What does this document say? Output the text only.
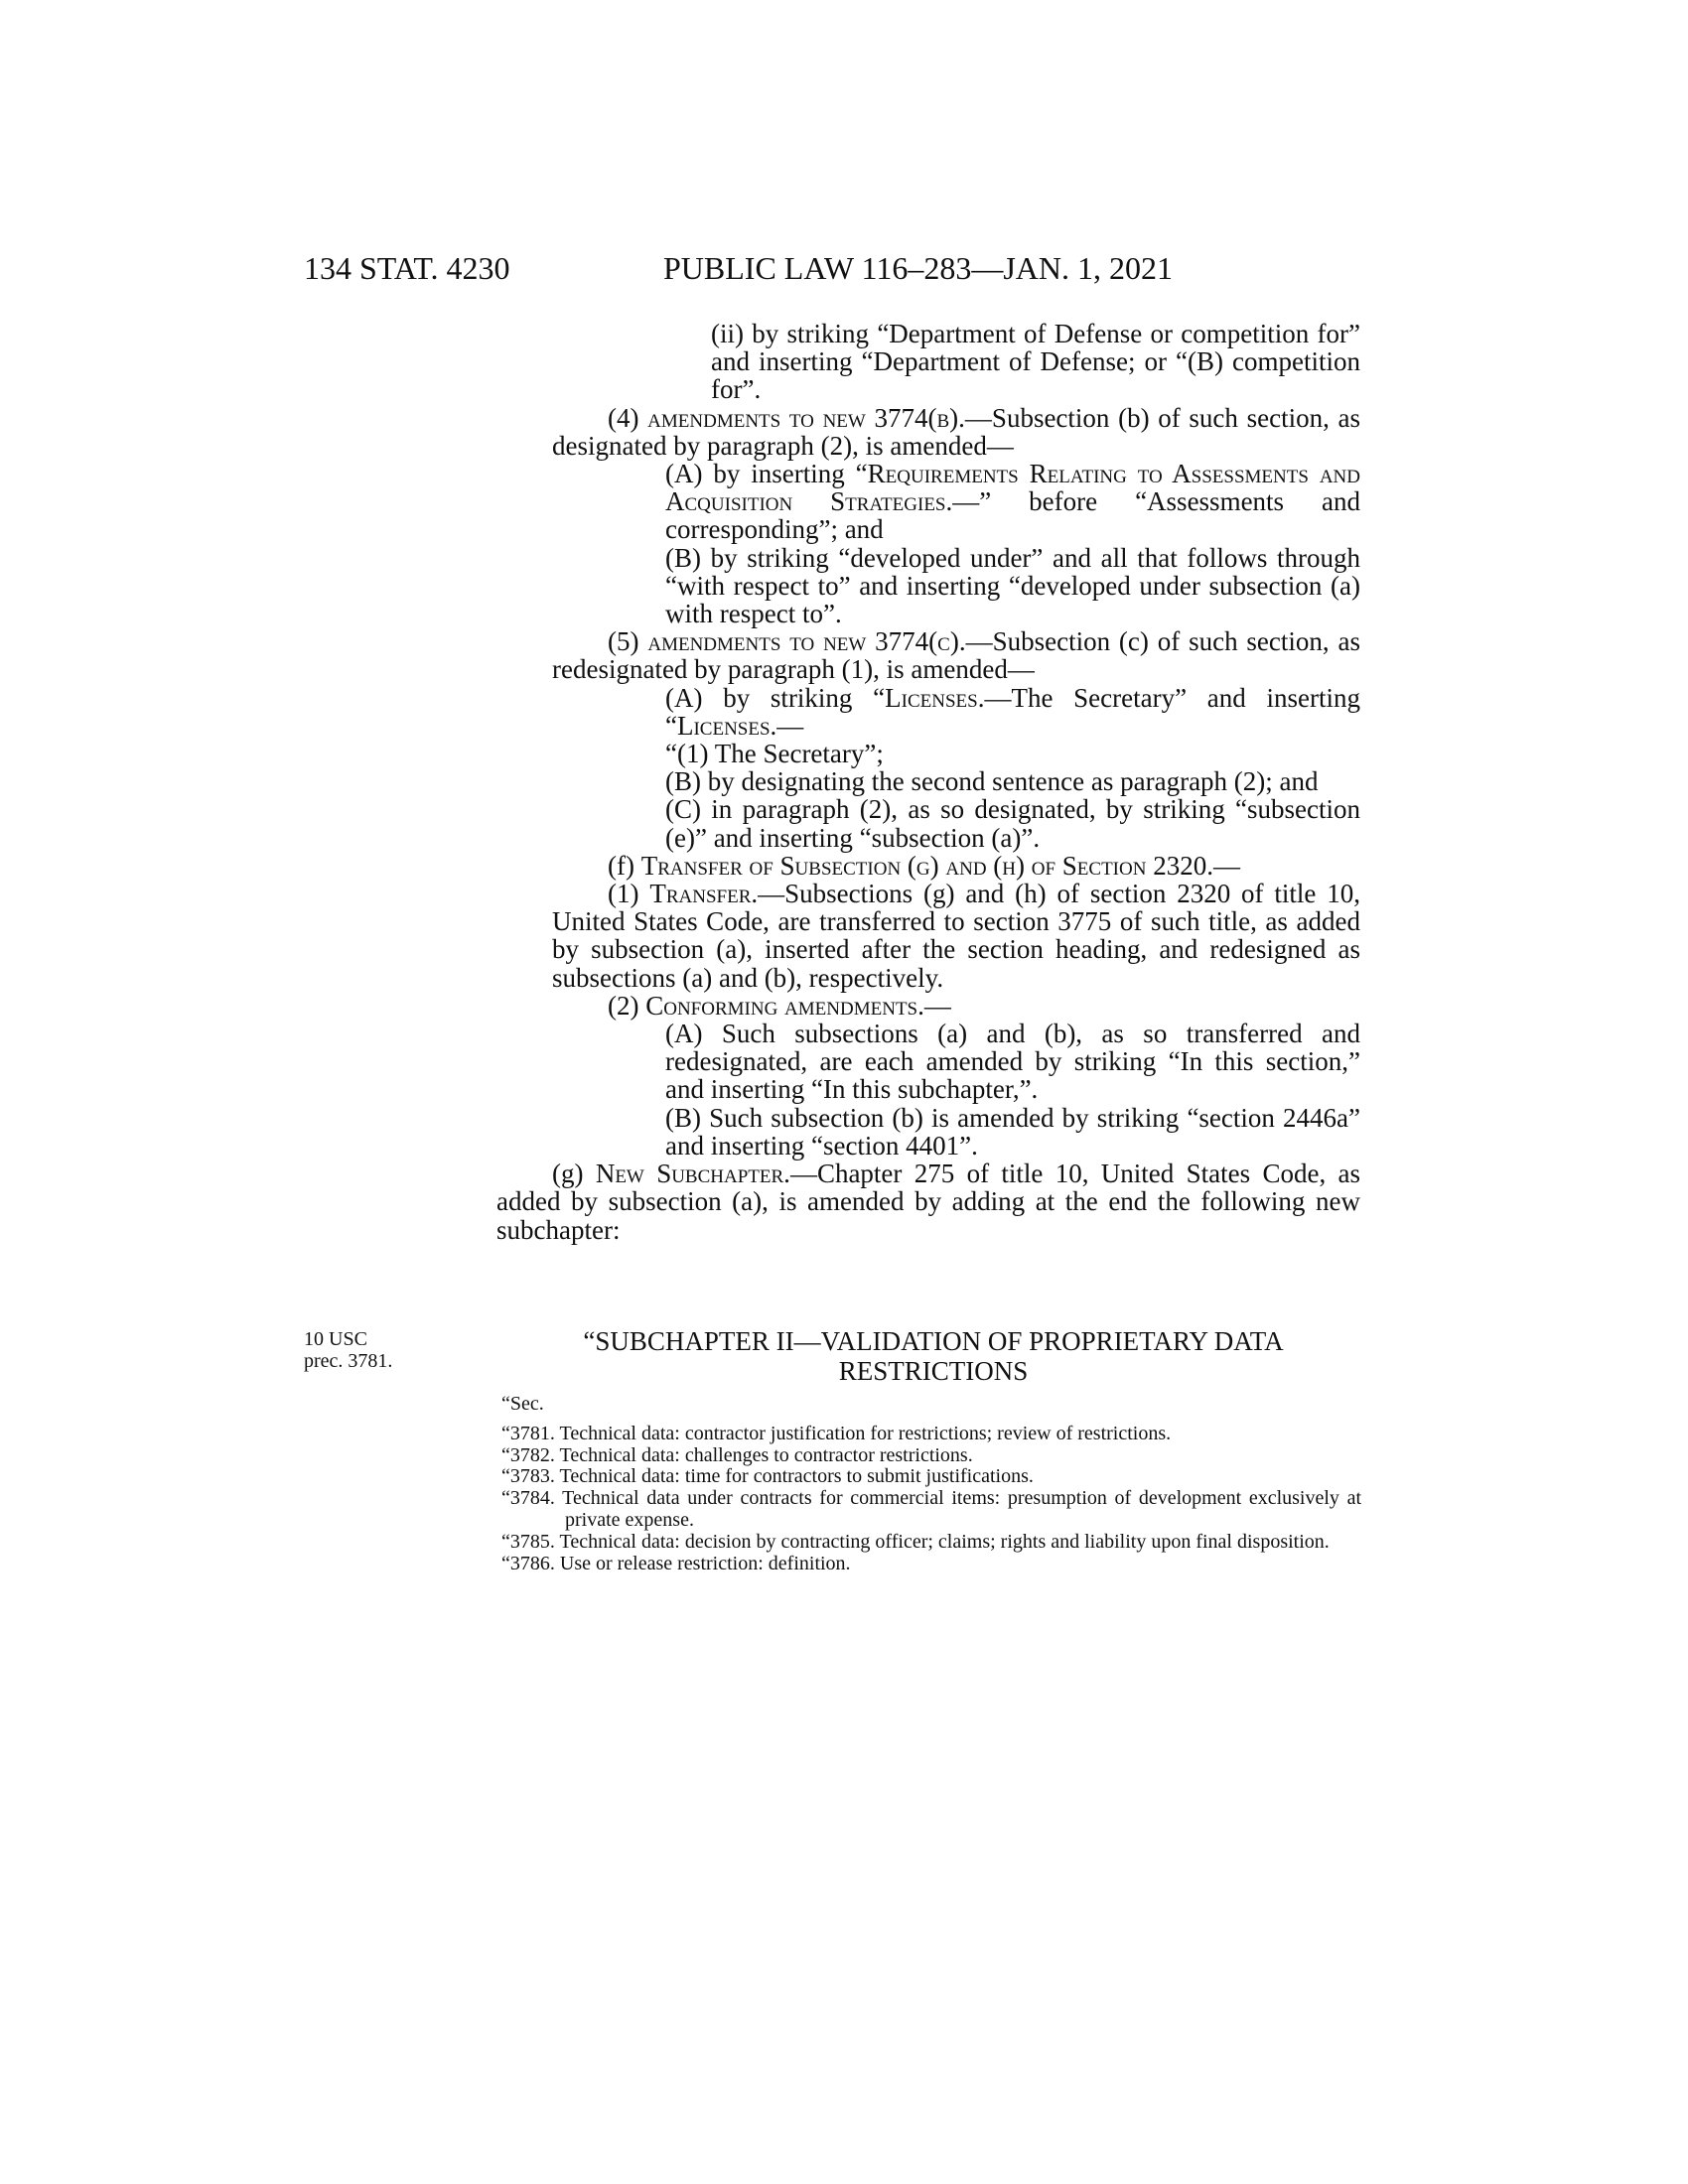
134 STAT. 4230	PUBLIC LAW 116–283—JAN. 1, 2021

(ii) by striking “Department of Defense or competition for” and inserting “Department of Defense; or “(B) competition for”.

(4) amendments to new 3774(b).—Subsection (b) of such section, as designated by paragraph (2), is amended—

(A) by inserting “Requirements Relating to Assessments and Acquisition Strategies.—” before “Assessments and corresponding”; and

(B) by striking “developed under” and all that follows through “with respect to” and inserting “developed under subsection (a) with respect to”.

(5) amendments to new 3774(c).—Subsection (c) of such section, as redesignated by paragraph (1), is amended—

(A) by striking “Licenses.—The Secretary” and inserting “Licenses.—

“(1) The Secretary”;

(B) by designating the second sentence as paragraph (2); and

(C) in paragraph (2), as so designated, by striking “subsection (e)” and inserting “subsection (a)”.

(f) Transfer of Subsection (g) and (h) of Section 2320.—

(1) Transfer.—Subsections (g) and (h) of section 2320 of title 10, United States Code, are transferred to section 3775 of such title, as added by subsection (a), inserted after the section heading, and redesigned as subsections (a) and (b), respectively.

(2) Conforming amendments.—

(A) Such subsections (a) and (b), as so transferred and redesignated, are each amended by striking “In this section,” and inserting “In this subchapter,”.

(B) Such subsection (b) is amended by striking “section 2446a” and inserting “section 4401”.

(g) New Subchapter.—Chapter 275 of title 10, United States Code, as added by subsection (a), is amended by adding at the end the following new subchapter:

10 USC
prec. 3781.
“SUBCHAPTER II—VALIDATION OF PROPRIETARY DATA
RESTRICTIONS

“Sec.

“3781. Technical data: contractor justification for restrictions; review of restrictions.

“3782. Technical data: challenges to contractor restrictions.

“3783. Technical data: time for contractors to submit justifications.

“3784. Technical data under contracts for commercial items: presumption of development exclusively at private expense.

“3785. Technical data: decision by contracting officer; claims; rights and liability upon final disposition.

“3786. Use or release restriction: definition.
